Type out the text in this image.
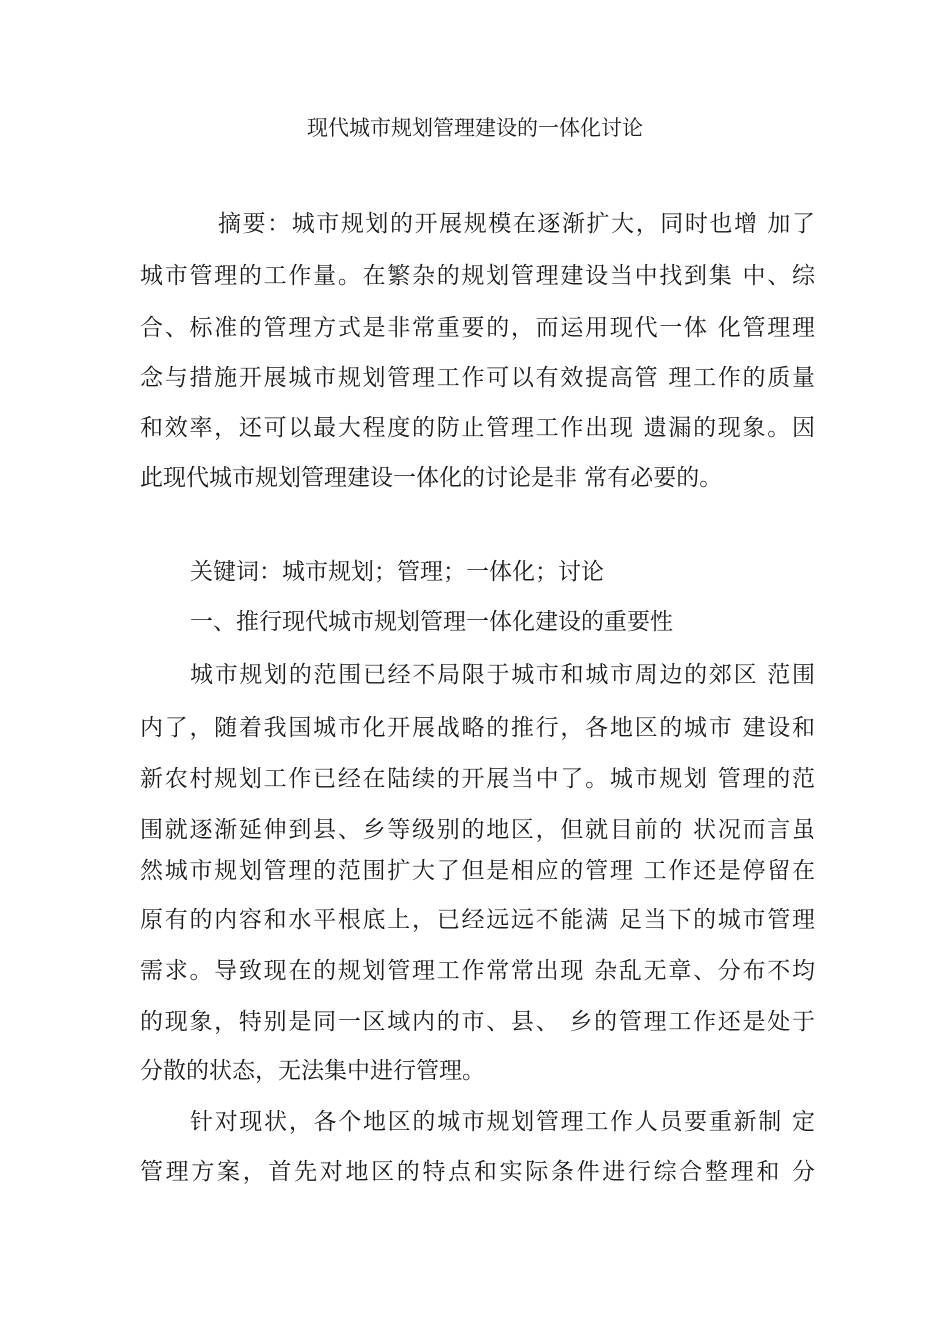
现代城市规划管理建设的一体化讨论
摘要：城市规划的开展规模在逐渐扩大，同时也增 加了
城市管理的工作量。在繁杂的规划管理建设当中找到集 中、综
合、标准的管理方式是非常重要的，而运用现代一体 化管理理
念与措施开展城市规划管理工作可以有效提高管 理工作的质量
和效率，还可以最大程度的防止管理工作出现 遗漏的现象。因
此现代城市规划管理建设一体化的讨论是非 常有必要的。
关键词：城市规划；管理；一体化；讨论
一、推行现代城市规划管理一体化建设的重要性
城市规划的范围已经不局限于城市和城市周边的郊区 范围
内了，随着我国城市化开展战略的推行，各地区的城市 建设和
新农村规划工作已经在陆续的开展当中了。城市规划 管理的范
围就逐渐延伸到县、乡等级别的地区，但就目前的 状况而言虽
然城市规划管理的范围扩大了但是相应的管理 工作还是停留在
原有的内容和水平根底上，已经远远不能满 足当下的城市管理
需求。导致现在的规划管理工作常常出现 杂乱无章、分布不均
的现象，特别是同一区域内的市、县、 乡的管理工作还是处于
分散的状态，无法集中进行管理。
针对现状，各个地区的城市规划管理工作人员要重新制 定
管理方案，首先对地区的特点和实际条件进行综合整理和 分
